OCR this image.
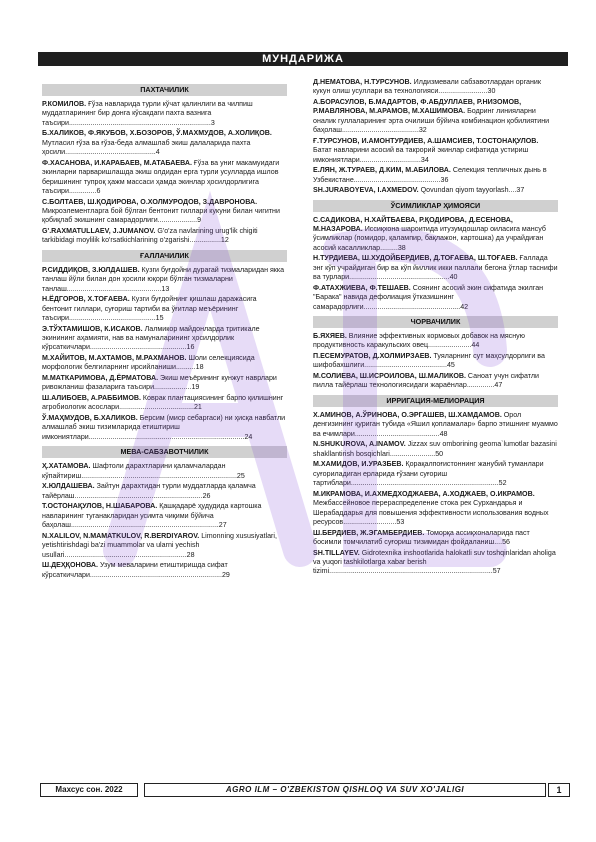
МУНДАРИЖА
ПАХТАЧИЛИК
Р.КОМИЛОВ. Ғўза навларида турли кўчат қалинлиги ва чилпиш муддатларининг бир донга кўсакдаги пахта вазнига таъсири........................................................................3
Б.ХАЛИКОВ, Ф.ЯКУБОВ, Х.БОЗОРОВ, Ў.МАХМУДОВ, А.ХОЛИҚОВ. Мутласил ғўза ва ғўза-беда алмашлаб экиш далаларида пахта ҳосили..............................................4
Ф.ХАСАНОВА, И.КАРАБАЕВ, М.АТАБАЕВА. Ғўза ва униг макамуидаги экинларни парваришлашда экиш олдидан ерга турли усулларда ишлов беришининг тупроқ ҳажм массаси ҳамда экинлар ҳосилдорлигига таъсири..............6
С.БОЛТАЕВ, Ш.ҚОДИРОВА, О.ХОЛМУРОДОВ, З.ДАВРОНОВА. Микроэлементларга бой бўлган бентонит гиллари кукуни билан чигитни қобиқлаб экишнинг самарадорлиги....................9
G'.RAXMATULLAEV, J.JUMANOV. G'o'za navlarining urug'lik chigiti tarkibidagi moylilik ko'rsatkichlarining o'zgarishi................12
ҒАЛЛАЧИЛИК
Р.СИДДИҚОВ, З.ЮЛДАШЕВ. Кузги буғдойни дурагай тизмаларидан якка танлаш йўли билан дон ҳосили юқори бўлган тизмаларни танлаш................................................13
Н.ЁДГОРОВ, Х.ТОҒАЕВА. Кузги буғдойнинг қишлаш даражасига бентонит гиллари, суғориш тартиби ва ўғитлар меъёрининг таъсири............................................15
Э.ТЎХТАМИШОВ, К.ИСАКОВ. Лалмикор майдонларда тритикале экинининг аҳамияти, нав ва намуналарининг ҳосилдорлик кўрсаткичлари.................................................16
М.ХАЙИТОВ, М.АХТАМОВ, М.РАХМАНОВ. Шоли селекциясида морфологик белгиларнинг ирсийланиши..........18
М.МАТКАРИМОВА, Д.ЁРМАТОВА. Экиш меъёрининг кунжут наврлари ривожланиш фазаларига таъсири...................19
Ш.АЛИБОЕВ, А.РАББИМОВ. Коврак плантациясининг барпо қилишнинг агробиологик асослари......................................21
Ў.МАҲМУДОВ, Б.ХАЛИКОВ. Берсим (миср себаргаси) ни ҳисқа навбатли алмашлаб экиш тизимларида етиштириш имкониятлари...............................................................................24
МЕВА-САБЗАВОТЧИЛИК
Ҳ.ХАТАМОВА. Шафтоли дарахтларини қаламчалардан кўпайтириш...............................................................................25
Х.ЮЛДАШЕВА. Зайтун дарахтидан турли муддатларда қаламча тайёрлаш.................................................................26
Т.ОСТОНАҚУЛОВ, Н.ШАБАРОВА. Қашқадарё ҳудудида картошка навларининг туганакларидан усимта чиқими бўйича баҳолаш...........................................................................27
N.XALILOV, N.MAMATKULOV, R.BERDIYAROV. Limonning xususiyatlari, yetishtirishdagi ba'zi muammolar va ularni yechish usullari..............................................................28
Ш.ДЕҲҚОНОВА. Узум меваларини етиштиришда сифат кўрсаткичлари...................................................................29
Д.НЕМАТОВА, Н.ТУРСУНОВ. Илдизмевали сабзавотлардан органик кукун олиш усуллари ва технологияси.........................30
А.БОРАСУЛОВ, Б.МАДАРТОВ, Ф.АБДУЛЛАЕВ, Р.НИЗОМОВ, Р.МАВЛЯНОВА, М.АРАМОВ, М.ХАШИМОВА. Бодринг линияларни оналик гуллаларининг эрта очилиши бўйича комбинацион қобилиятини баҳолаш.......................................32
Ғ.ТУРСУНОВ, И.АМОНТУРДИЕВ, А.ШАМСИЕВ, Т.ОСТОНАҚУЛОВ. Батат навларини асосий ва такрорий экинлар сифатида устириш имкониятлари...............................34
Е.ЛЯН, Ж.ТУРАЕВ, Д.КИМ, М.АБИЛОВА. Селекция тепличных дынь в Узбекистане............................................36
SH.JURABOYEVA, I.AXMEDOV. Qovundan qiyom tayyorlash....37
ЎСИМЛИКЛАР ҲИМОЯСИ
С.САДИКОВА, Н.ХАЙТБАЕВА, Р.ҚОДИРОВА, Д.ЕСЕНОВА, М.НАЗАРОВА. Иссиқхона шароитида итузумдошлар оиласига мансуб ўсимликлар (помидор, қалампир, бақлажон, картошка) да учрайдиган асосий касалликлар.........38
Н.ТУРДИЕВА, Ш.ХУДОЙБЕРДИЕВ, Д.ТОҒАЕВА, Ш.ТОҒАЕВ. Ғаллада энг кўп учрайдиган бир ва кўп йиллик икки паллали бегона ўтлар таснифи ва турлари...................................................40
Ф.АТАХЖИЕВА, Ф.ТЕШАЕВ. Соянинг асосий экин сифатида экилган "Баракa" навида дефолиация ўтказишнинг самарадорлиги.................................................42
ЧОРВАЧИЛИК
Б.ЯХЯЕВ. Влияние эффективных кормовых добавок на мясную продуктивность каракульских овец......................44
П.ЕСЕМУРАТОВ, Д.ХОЛМИРЗАЕВ. Туяларнинг сут маҳсулдорлиги ва шифобахшлиги..........................................45
М.СОЛИЕВА, Ш.ИСРОИЛОВА, Ш.МАЛИКОВ. Санoат учун сифатли пилла тайёрлаш технологиясидаги жараёнлар..............47
ИРРИГАЦИЯ-МЕЛИОРАЦИЯ
Х.АМИНОВ, А.ЎРИНОВА, О.ЭРГАШЕВ, Ш.ХАМДАМОВ. Орол денгизининг қуриган тубида «Яшил қопламалар» барпо этишнинг муаммо ва ечимлари...........................................48
N.SHUKUROVA, A.INAMOV. Jizzax suv omborining geoma`lumotlar bazasini shakllantirish bosqichlari.......................50
М.ХАМИДОВ, И.УРАЗБЕВ. Қорақалпоғистоннинг жанубий туманлари суғориладиган ерларида ғўзани суғориш тартиблари...........................................................................52
М.ИКРАМОВА, И.АХМЕДХОДЖАЕВА, А.ХОДЖАЕВ, О.ИКРАМОВ. Межбассейновое перераспределение стока рек Сурхандарья и Шерабаддарья для повышения эффективности использования водных ресурсов...........................53
Ш.БЕРДИЕВ, Ж.ЭГАМБЕРДИЕВ. Томорқа ассиқхоналарида паст босимли томчилатиб суғориш тизимидан фойдаланиш....56
SH.TILLAYEV. Gidrotexnika inshootlarida halokatli suv toshqinlaridan aholiga va yuqori tashkilotlarga xabar berish tizimi...................................................................................57
Махсус сон. 2022	AGRO ILM – O'ZBEKISTON QISHLOQ VA SUV XO'JALIGI	1
